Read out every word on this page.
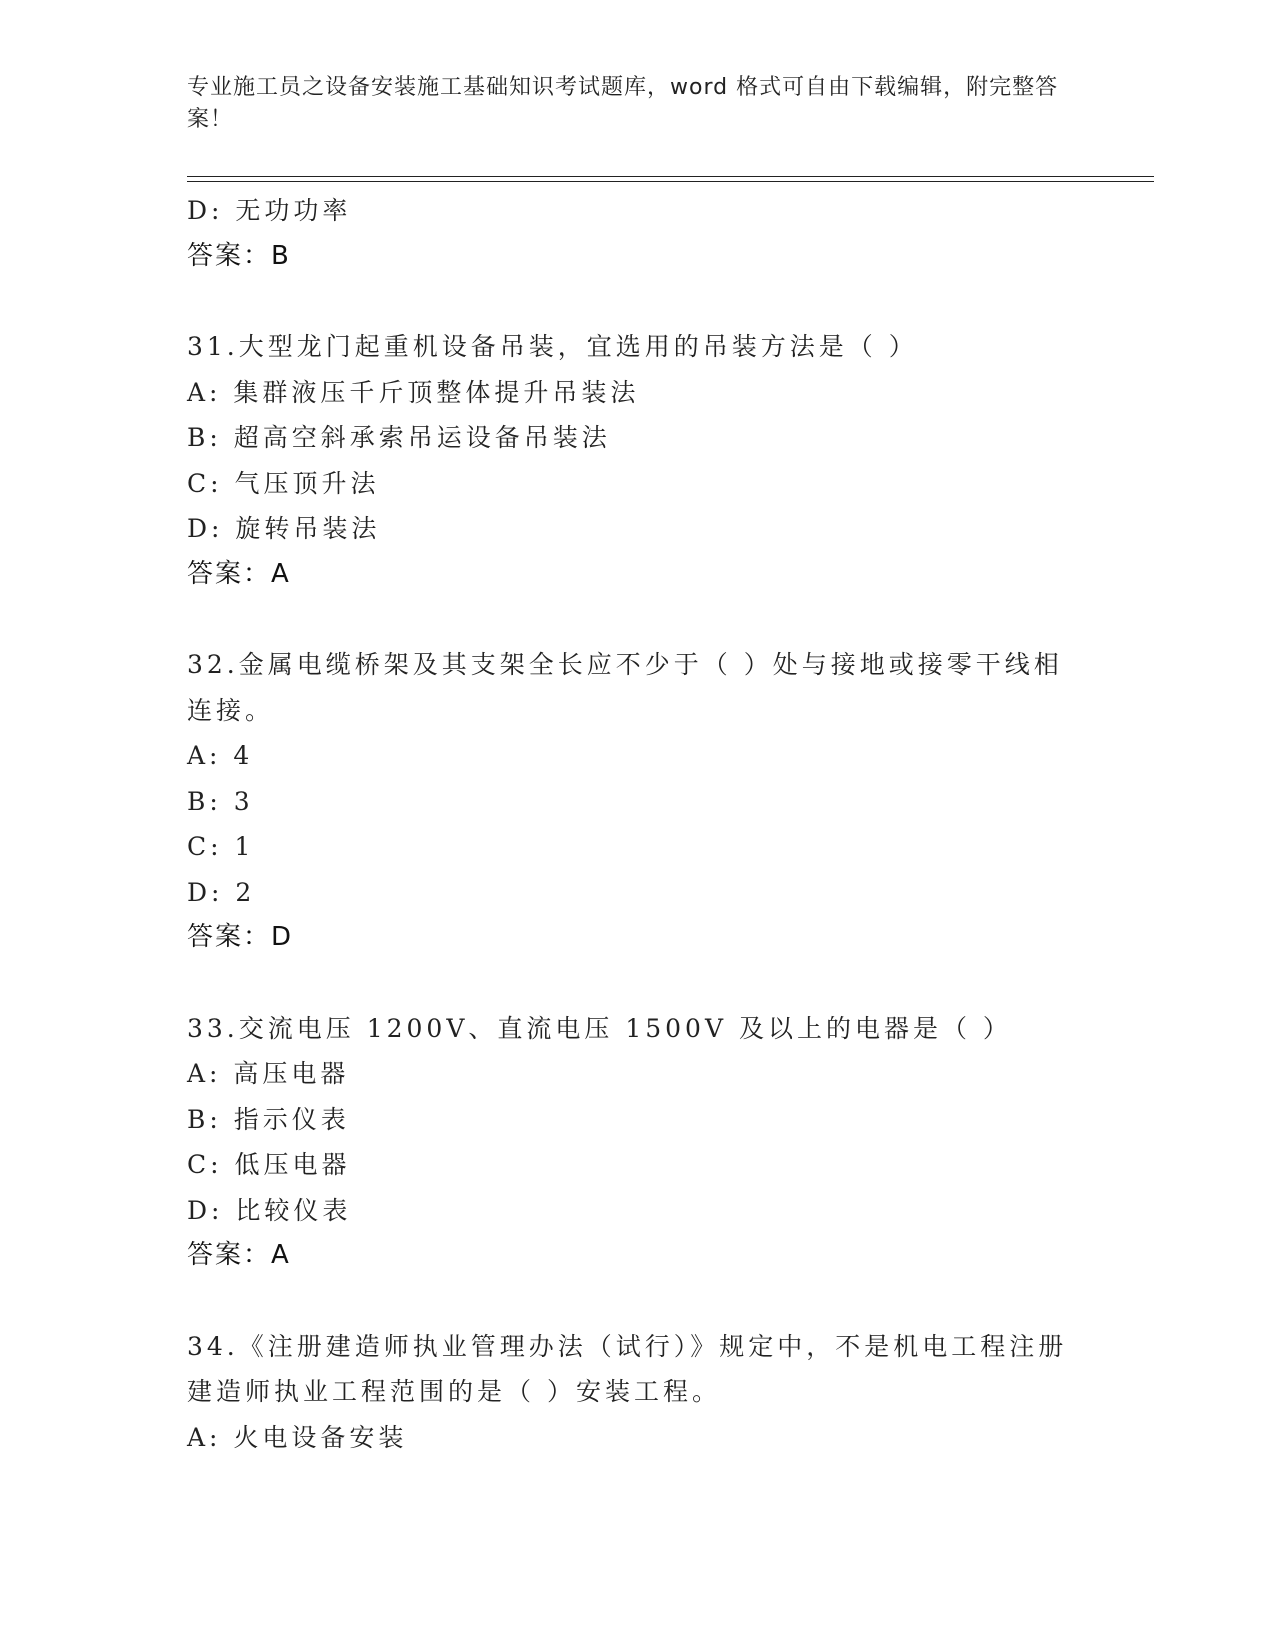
专业施工员之设备安装施工基础知识考试题库，word 格式可自由下载编辑，附完整答案！
D: 无功功率
答案：B
31.大型龙门起重机设备吊装，宜选用的吊装方法是（ ）
A: 集群液压千斤顶整体提升吊装法
B: 超高空斜承索吊运设备吊装法
C: 气压顶升法
D: 旋转吊装法
答案：A
32.金属电缆桥架及其支架全长应不少于（ ）处与接地或接零干线相连接。
A: 4
B: 3
C: 1
D: 2
答案：D
33.交流电压 1200V、直流电压 1500V 及以上的电器是（ ）
A: 高压电器
B: 指示仪表
C: 低压电器
D: 比较仪表
答案：A
34.《注册建造师执业管理办法（试行）》规定中，不是机电工程注册建造师执业工程范围的是（ ）安装工程。
A: 火电设备安装
